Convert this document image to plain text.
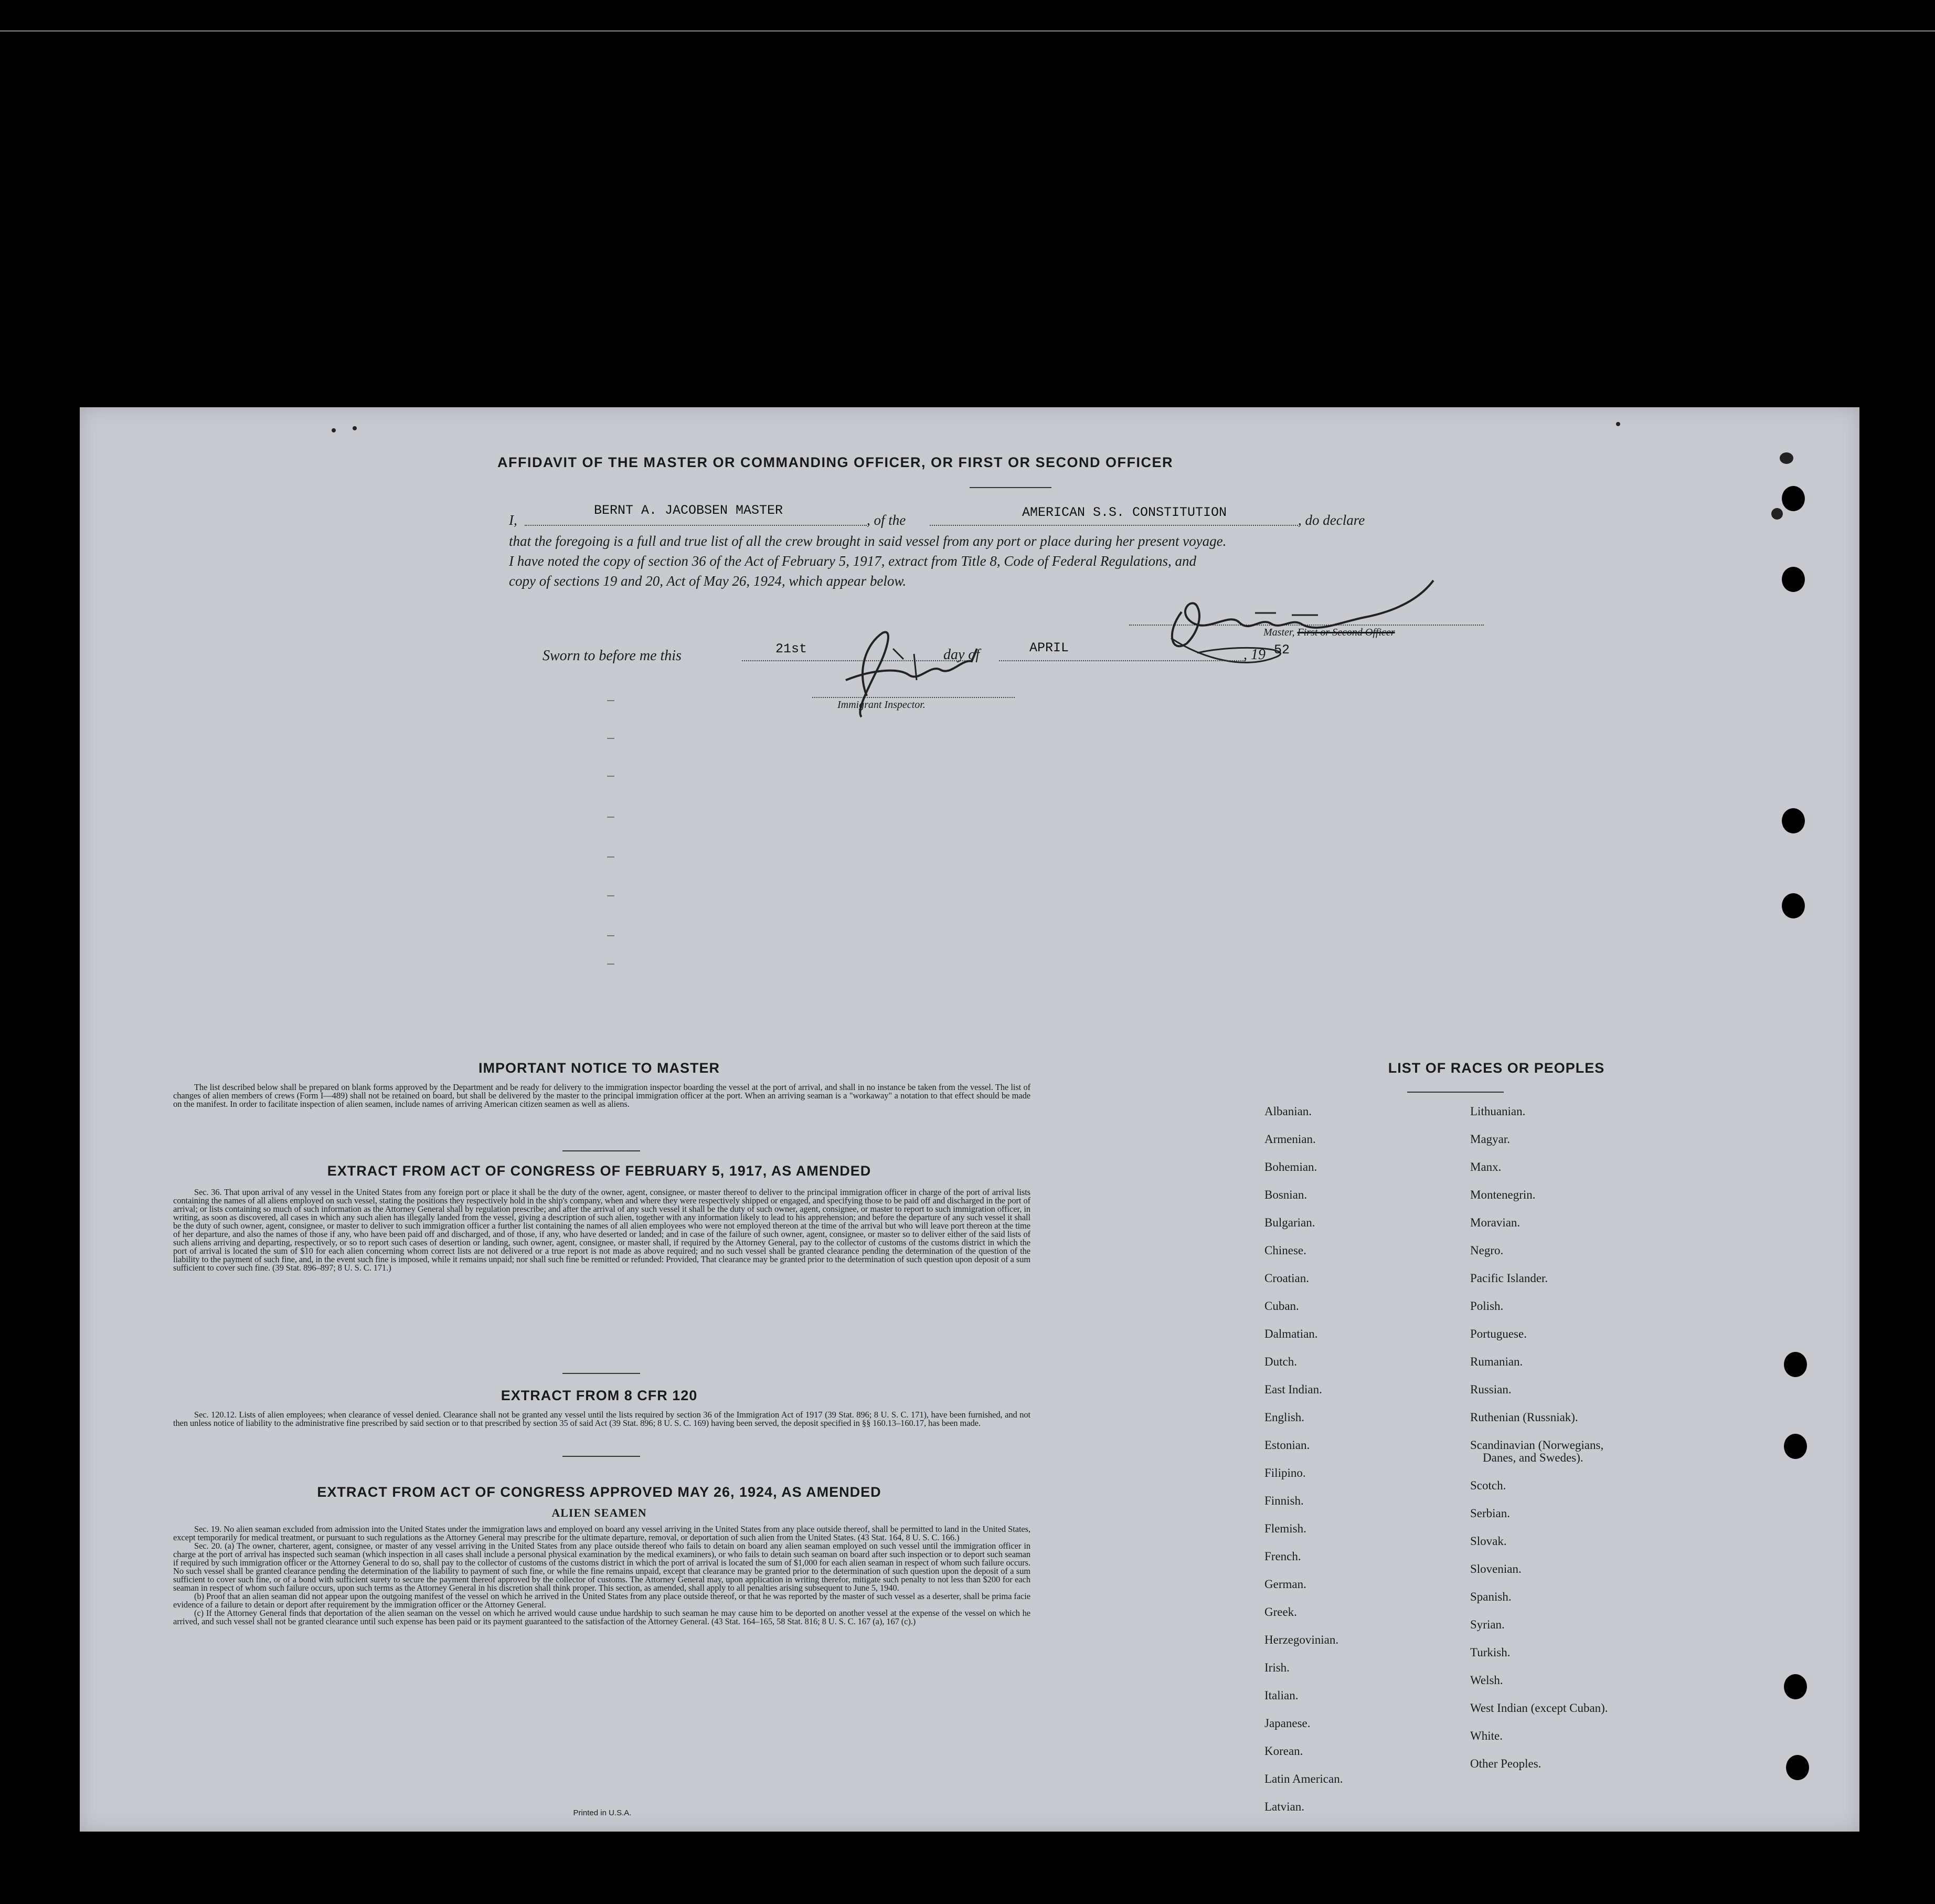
AFFIDAVIT OF THE MASTER OR COMMANDING OFFICER, OR FIRST OR SECOND OFFICER
I,
BERNT A. JACOBSEN MASTER
, of the	AMERICAN S.S. CONSTITUTION	, do declare
that the foregoing is a full and true list of all the crew brought in said vessel from any port or place during her present voyage.
I have noted the copy of section 36 of the Act of February 5, 1917, extract from Title 8, Code of Federal Regulations, and
copy of sections 19 and 20, Act of May 26, 1924, which appear below.
Master, First or Second Officer
Sworn to before me this	21st	day of	APRIL	, 19 52
Immigrant Inspector.
EXTRACT FROM ACT OF CONGRESS OF FEBRUARY 5, 1917, AS AMENDED
IMPORTANT NOTICE TO MASTER

The list described below shall be prepared on blank forms approved by the Department and be ready for delivery to the immigration inspector boarding the vessel at the port of arrival, and shall in no instance be taken from the vessel. The list of changes of alien members of crews (Form I—489) shall not be retained on board, but shall be delivered by the master to the principal immigration officer at the port. When an arriving seaman is a "workaway" a notation to that effect should be made on the manifest. In order to facilitate inspection of alien seamen, include names of arriving American citizen seamen as well as aliens.

Sec. 36. That upon arrival of any vessel in the United States from any foreign port or place it shall be the duty of the owner, agent, consignee, or master thereof to deliver to the principal immigration officer in charge of the port of arrival lists containing the names of all aliens employed on such vessel, stating the positions they respectively hold in the ship's company, when and where they were respectively shipped or engaged, and specifying those to be paid off and discharged in the port of arrival; or lists containing so much of such information as the Attorney General shall by regulation prescribe; and after the arrival of any such vessel it shall be the duty of such owner, agent, consignee, or master to report to such immigration officer, in writing, as soon as discovered, all cases in which any such alien has illegally landed from the vessel, giving a description of such alien, together with any information likely to lead to his apprehension; and before the departure of any such vessel it shall be the duty of such owner, agent, consignee, or master to deliver to such immigration officer a further list containing the names of all alien employees who were not employed thereon at the time of the arrival but who will leave port thereon at the time of her departure, and also the names of those if any, who have been paid off and discharged, and of those, if any, who have deserted or landed; and in case of the failure of such owner, agent, consignee, or master so to deliver either of the said lists of such aliens arriving and departing, respectively, or so to report such cases of desertion or landing, such owner, agent, consignee, or master shall, if required by the Attorney General, pay to the collector of customs of the customs district in which the port of arrival is located the sum of $10 for each alien concerning whom correct lists are not delivered or a true report is not made as above required; and no such vessel shall be granted clearance pending the determination of the question of the liability to the payment of such fine, and, in the event such fine is imposed, while it remains unpaid; nor shall such fine be remitted or refunded: Provided, That clearance may be granted prior to the determination of such question upon deposit of a sum sufficient to cover such fine. (39 Stat. 896–897; 8 U. S. C. 171.)

EXTRACT FROM 8 CFR 120

Sec. 120.12. Lists of alien employees; when clearance of vessel denied. Clearance shall not be granted any vessel until the lists required by section 36 of the Immigration Act of 1917 (39 Stat. 896; 8 U. S. C. 171), have been furnished, and not then unless notice of liability to the administrative fine prescribed by said section or to that prescribed by section 35 of said Act (39 Stat. 896; 8 U. S. C. 169) having been served, the deposit specified in §§ 160.13–160.17, has been made.

EXTRACT FROM ACT OF CONGRESS APPROVED MAY 26, 1924, AS AMENDED
ALIEN SEAMEN

Sec. 19. No alien seaman excluded from admission into the United States under the immigration laws and employed on board any vessel arriving in the United States from any place outside thereof, shall be permitted to land in the United States, except temporarily for medical treatment, or pursuant to such regulations as the Attorney General may prescribe for the ultimate departure, removal, or deportation of such alien from the United States. (43 Stat. 164, 8 U. S. C. 166.)

Sec. 20. (a) The owner, charterer, agent, consignee, or master of any vessel arriving in the United States from any place outside thereof who fails to detain on board any alien seaman employed on such vessel until the immigration officer in charge at the port of arrival has inspected such seaman (which inspection in all cases shall include a personal physical examination by the medical examiners), or who fails to detain such seaman on board after such inspection or to deport such seaman if required by such immigration officer or the Attorney General to do so, shall pay to the collector of customs of the customs district in which the port of arrival is located the sum of $1,000 for each alien seaman in respect of whom such failure occurs. No such vessel shall be granted clearance pending the determination of the liability to payment of such fine, or while the fine remains unpaid, except that clearance may be granted prior to the determination of such question upon the deposit of a sum sufficient to cover such fine, or of a bond with sufficient surety to secure the payment thereof approved by the collector of customs. The Attorney General may, upon application in writing therefor, mitigate such penalty to not less than $200 for each seaman in respect of whom such failure occurs, upon such terms as the Attorney General in his discretion shall think proper. This section, as amended, shall apply to all penalties arising subsequent to June 5, 1940.

(b) Proof that an alien seaman did not appear upon the outgoing manifest of the vessel on which he arrived in the United States from any place outside thereof, or that he was reported by the master of such vessel as a deserter, shall be prima facie evidence of a failure to detain or deport after requirement by the immigration officer or the Attorney General.

(c) If the Attorney General finds that deportation of the alien seaman on the vessel on which he arrived would cause undue hardship to such seaman he may cause him to be deported on another vessel at the expense of the vessel on which he arrived, and such vessel shall not be granted clearance until such expense has been paid or its payment guaranteed to the satisfaction of the Attorney General. (43 Stat. 164–165, 58 Stat. 816; 8 U. S. C. 167 (a), 167 (c).)

Printed in U.S.A.
LIST OF RACES OR PEOPLES
Albanian.
Armenian.
Bohemian.
Bosnian.
Bulgarian.
Chinese.
Croatian.
Cuban.
Dalmatian.
Dutch.
East Indian.
English.
Estonian.
Filipino.
Finnish.
Flemish.
French.
German.
Greek.
Herzegovinian.
Irish.
Italian.
Japanese.
Korean.
Latin American.
Latvian.
Lithuanian.
Magyar.
Manx.
Montenegrin.
Moravian.
Negro.
Pacific Islander.
Polish.
Portuguese.
Rumanian.
Russian.
Ruthenian (Russniak).
Scandinavian (Norwegians,
Danes, and Swedes).
Scotch.
Serbian.
Slovak.
Slovenian.
Spanish.
Syrian.
Turkish.
Welsh.
West Indian (except Cuban).
White.
Other Peoples.
